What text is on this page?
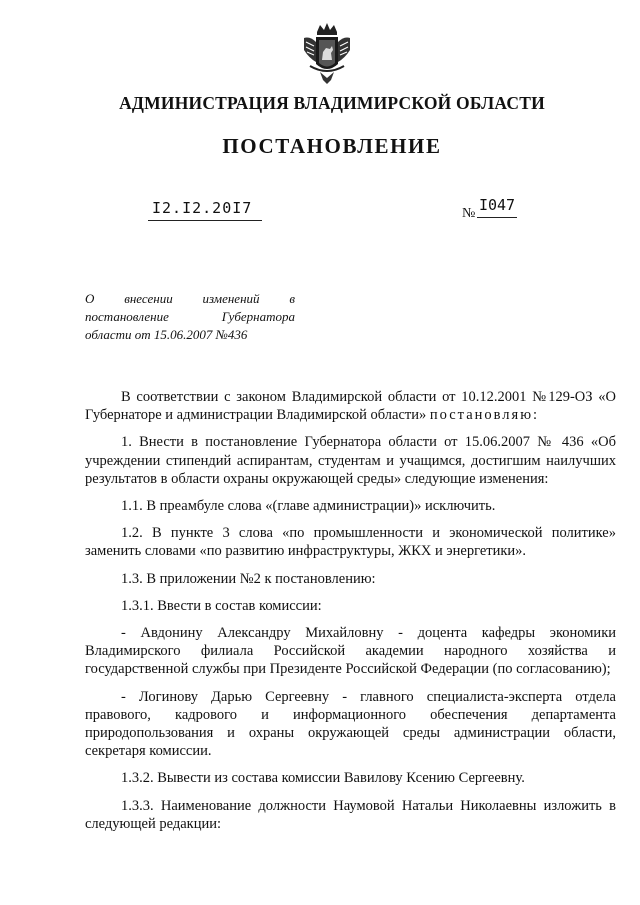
АДМИНИСТРАЦИЯ ВЛАДИМИРСКОЙ ОБЛАСТИ
ПОСТАНОВЛЕНИЕ
I2.I2.20I7	№ I047
О внесении изменений в
постановление Губернатора
области от 15.06.2007 №436

В соответствии с законом Владимирской области от 10.12.2001 №129-ОЗ «О Губернаторе и администрации Владимирской области» постановляю:

1. Внести в постановление Губернатора области от 15.06.2007 № 436 «Об учреждении стипендий аспирантам, студентам и учащимся, достигшим наилучших результатов в области охраны окружающей среды» следующие изменения:

1.1. В преамбуле слова «(главе администрации)» исключить.

1.2. В пункте 3 слова «по промышленности и экономической политике» заменить словами «по развитию инфраструктуры, ЖКХ и энергетики».

1.3. В приложении №2 к постановлению:

1.3.1. Ввести в состав комиссии:

- Авдонину Александру Михайловну - доцента кафедры экономики Владимирского филиала Российской академии народного хозяйства и государственной службы при Президенте Российской Федерации (по согласованию);

- Логинову Дарью Сергеевну - главного специалиста-эксперта отдела правового, кадрового и информационного обеспечения департамента природопользования и охраны окружающей среды администрации области, секретаря комиссии.

1.3.2. Вывести из состава комиссии Вавилову Ксению Сергеевну.

1.3.3. Наименование должности Наумовой Натальи Николаевны изложить в следующей редакции:
